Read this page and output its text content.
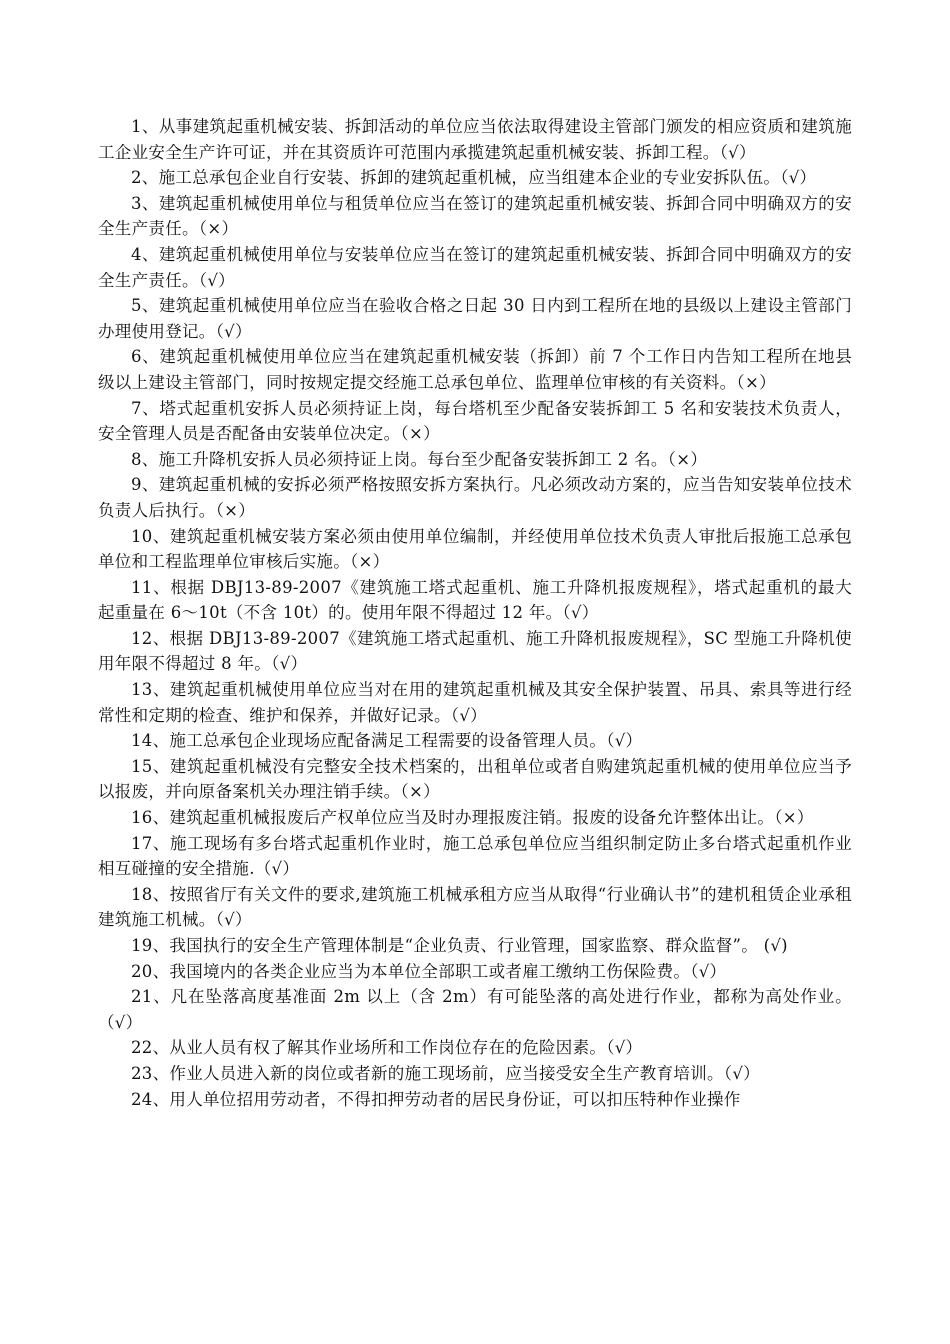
1、从事建筑起重机械安装、拆卸活动的单位应当依法取得建设主管部门颁发的相应资质和建筑施工企业安全生产许可证，并在其资质许可范围内承揽建筑起重机械安装、拆卸工程。（√）

2、施工总承包企业自行安装、拆卸的建筑起重机械，应当组建本企业的专业安拆队伍。（√）

3、建筑起重机械使用单位与租赁单位应当在签订的建筑起重机械安装、拆卸合同中明确双方的安全生产责任。（×）

4、建筑起重机械使用单位与安装单位应当在签订的建筑起重机械安装、拆卸合同中明确双方的安全生产责任。（√）

5、建筑起重机械使用单位应当在验收合格之日起 30 日内到工程所在地的县级以上建设主管部门办理使用登记。（√）

6、建筑起重机械使用单位应当在建筑起重机械安装（拆卸）前 7 个工作日内告知工程所在地县级以上建设主管部门，同时按规定提交经施工总承包单位、监理单位审核的有关资料。（×）

7、塔式起重机安拆人员必须持证上岗，每台塔机至少配备安装拆卸工 5 名和安装技术负责人，安全管理人员是否配备由安装单位决定。（×）

8、施工升降机安拆人员必须持证上岗。每台至少配备安装拆卸工 2 名。（×）

9、建筑起重机械的安拆必须严格按照安拆方案执行。凡必须改动方案的，应当告知安装单位技术负责人后执行。（×）

10、建筑起重机械安装方案必须由使用单位编制，并经使用单位技术负责人审批后报施工总承包单位和工程监理单位审核后实施。（×）

11、根据 DBJ13-89-2007《建筑施工塔式起重机、施工升降机报废规程》，塔式起重机的最大起重量在 6～10t（不含 10t）的。使用年限不得超过 12 年。（√）

12、根据 DBJ13-89-2007《建筑施工塔式起重机、施工升降机报废规程》，SC 型施工升降机使用年限不得超过 8 年。（√）

13、建筑起重机械使用单位应当对在用的建筑起重机械及其安全保护装置、吊具、索具等进行经常性和定期的检查、维护和保养，并做好记录。（√）

14、施工总承包企业现场应配备满足工程需要的设备管理人员。（√）

15、建筑起重机械没有完整安全技术档案的，出租单位或者自购建筑起重机械的使用单位应当予以报废，并向原备案机关办理注销手续。（×）

16、建筑起重机械报废后产权单位应当及时办理报废注销。报废的设备允许整体出让。（×）

17、施工现场有多台塔式起重机作业时，施工总承包单位应当组织制定防止多台塔式起重机作业相互碰撞的安全措施.（√）

18、按照省厅有关文件的要求,建筑施工机械承租方应当从取得“行业确认书”的建机租赁企业承租建筑施工机械。（√）

19、我国执行的安全生产管理体制是“企业负责、行业管理，国家监察、群众监督”。 (√)

20、我国境内的各类企业应当为本单位全部职工或者雇工缴纳工伤保险费。（√）

21、凡在坠落高度基准面 2m 以上（含 2m）有可能坠落的高处进行作业，都称为高处作业。（√）

22、从业人员有权了解其作业场所和工作岗位存在的危险因素。（√）

23、作业人员进入新的岗位或者新的施工现场前，应当接受安全生产教育培训。（√）

24、用人单位招用劳动者，不得扣押劳动者的居民身份证，可以扣压特种作业操作
